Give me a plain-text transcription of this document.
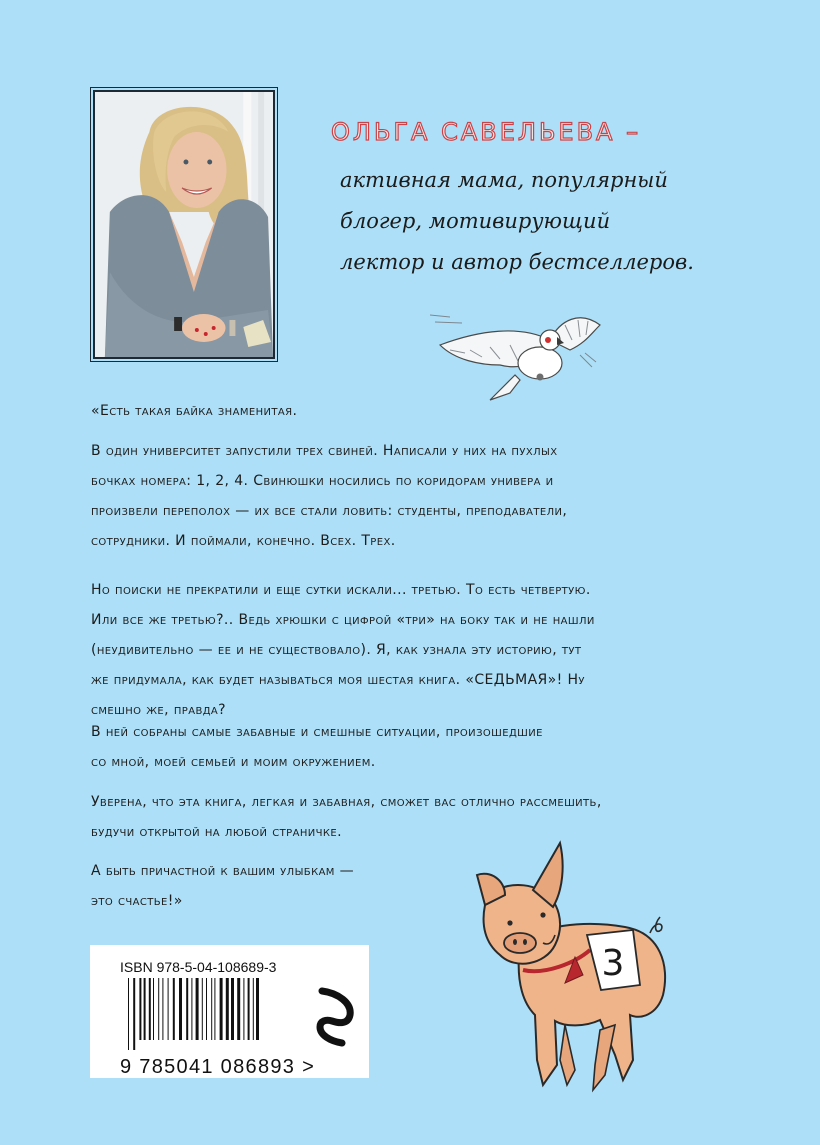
ОЛЬГА САВЕЛЬЕВА –
активная мама, популярный
блогер, мотивирующий
лектор и автор бестселлеров.

«Есть такая байка знаменитая.

В один университет запустили трех свиней. Написали у них на пухлых

бочках номера: 1, 2, 4. Свинюшки носились по коридорам универа и

произвели переполох — их все стали ловить: студенты, преподаватели,

сотрудники. И поймали, конечно. Всех. Трех.

Но поиски не прекратили и еще сутки искали... третью. То есть четвертую.

Или все же третью?.. Ведь хрюшки с цифрой «три» на боку так и не нашли

(неудивительно — ее и не существовало). Я, как узнала эту историю, тут

же придумала, как будет называться моя шестая книга. «СЕДЬМАЯ»! Ну

смешно же, правда?

В ней собраны самые забавные и смешные ситуации, произошедшие

со мной, моей семьей и моим окружением.

Уверена, что эта книга, легкая и забавная, сможет вас отлично рассмешить,

будучи открытой на любой страничке.

А быть причастной к вашим улыбкам —

это счастье!»

ISBN 978-5-04-108689-3
9 785041 086893 >
3
